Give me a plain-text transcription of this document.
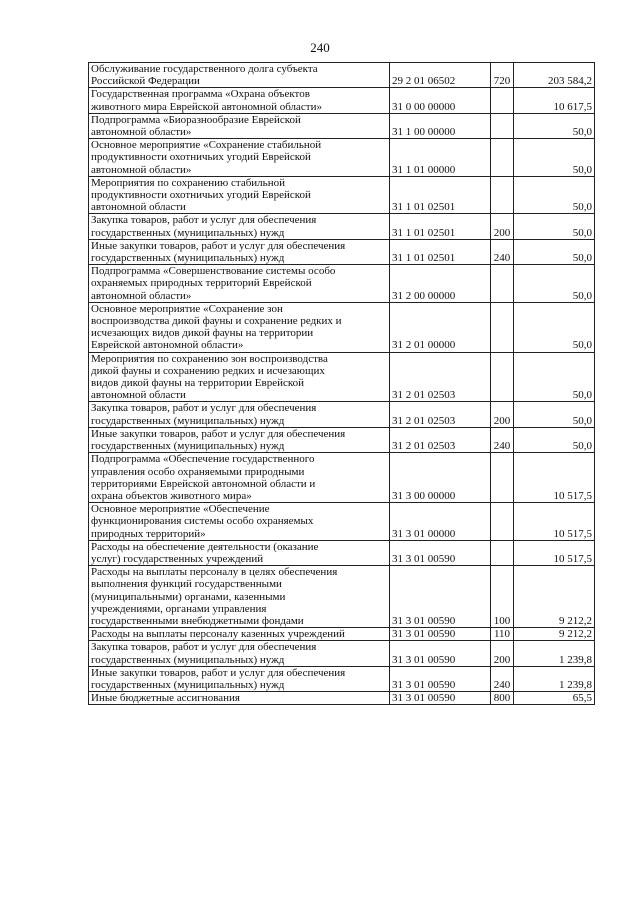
240
Обслуживание государственного долга субъекта
Российской Федерации	29 2 01 06502	720	203 584,2

Государственная программа «Охрана объектов
животного мира Еврейской автономной области»	31 0 00 00000		10 617,5

Подпрограмма «Биоразнообразие Еврейской
автономной области»	31 1 00 00000		50,0

Основное мероприятие «Сохранение стабильной
продуктивности охотничьих угодий Еврейской
автономной области»	31 1 01 00000		50,0

Мероприятия по сохранению стабильной
продуктивности охотничьих угодий Еврейской
автономной области	31 1 01 02501		50,0

Закупка товаров, работ и услуг для обеспечения
государственных (муниципальных) нужд	31 1 01 02501	200	50,0

Иные закупки товаров, работ и услуг для обеспечения
государственных (муниципальных) нужд	31 1 01 02501	240	50,0

Подпрограмма «Совершенствование системы особо
охраняемых природных территорий Еврейской
автономной области»	31 2 00 00000		50,0

Основное мероприятие «Сохранение зон
воспроизводства дикой фауны и сохранение редких и
исчезающих видов дикой фауны на территории
Еврейской автономной области»	31 2 01 00000		50,0

Мероприятия по сохранению зон воспроизводства
дикой фауны и сохранению редких и исчезающих
видов дикой фауны на территории Еврейской
автономной области	31 2 01 02503		50,0

Закупка товаров, работ и услуг для обеспечения
государственных (муниципальных) нужд	31 2 01 02503	200	50,0

Иные закупки товаров, работ и услуг для обеспечения
государственных (муниципальных) нужд	31 2 01 02503	240	50,0

Подпрограмма «Обеспечение государственного
управления особо охраняемыми природными
территориями Еврейской автономной области и
охрана объектов животного мира»	31 3 00 00000		10 517,5

Основное мероприятие «Обеспечение
функционирования системы особо охраняемых
природных территорий»	31 3 01 00000		10 517,5

Расходы на обеспечение деятельности (оказание
услуг) государственных учреждений	31 3 01 00590		10 517,5

Расходы на выплаты персоналу в целях обеспечения
выполнения функций государственными
(муниципальными) органами, казенными
учреждениями, органами управления
государственными внебюджетными фондами	31 3 01 00590	100	9 212,2

Расходы на выплаты персоналу казенных учреждений	31 3 01 00590	110	9 212,2

Закупка товаров, работ и услуг для обеспечения
государственных (муниципальных) нужд	31 3 01 00590	200	1 239,8

Иные закупки товаров, работ и услуг для обеспечения
государственных (муниципальных) нужд	31 3 01 00590	240	1 239,8

Иные бюджетные ассигнования	31 3 01 00590	800	65,5
